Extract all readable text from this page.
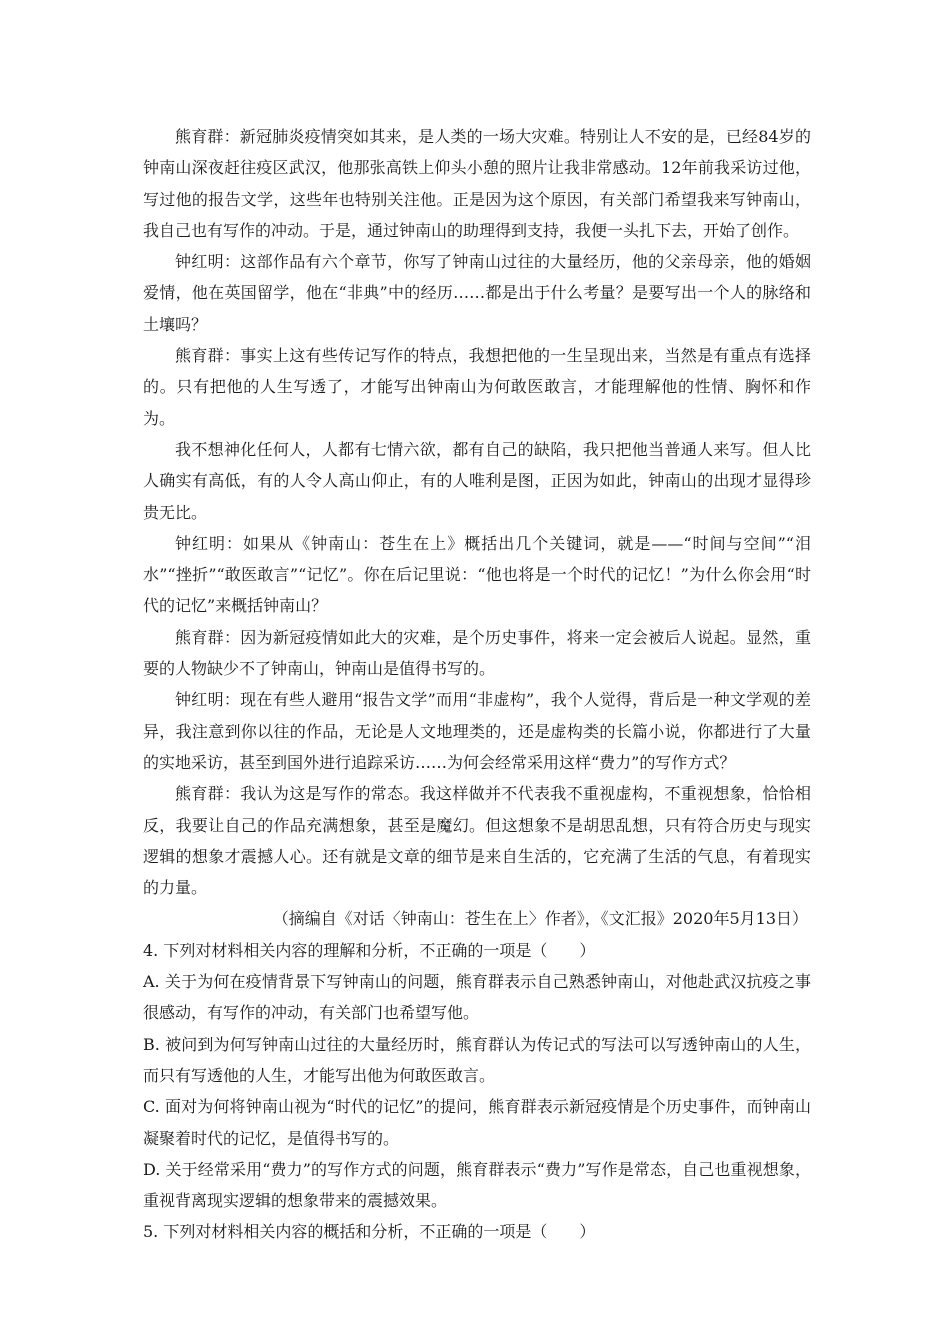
熊育群：新冠肺炎疫情突如其来，是人类的一场大灾难。特别让人不安的是，已经84岁的钟南山深夜赶往疫区武汉，他那张高铁上仰头小憩的照片让我非常感动。12年前我采访过他，写过他的报告文学，这些年也特别关注他。正是因为这个原因，有关部门希望我来写钟南山，我自己也有写作的冲动。于是，通过钟南山的助理得到支持，我便一头扎下去，开始了创作。

钟红明：这部作品有六个章节，你写了钟南山过往的大量经历，他的父亲母亲，他的婚姻爱情，他在英国留学，他在“非典”中的经历……都是出于什么考量？是要写出一个人的脉络和土壤吗？

熊育群：事实上这有些传记写作的特点，我想把他的一生呈现出来，当然是有重点有选择的。只有把他的人生写透了，才能写出钟南山为何敢医敢言，才能理解他的性情、胸怀和作为。

我不想神化任何人，人都有七情六欲，都有自己的缺陷，我只把他当普通人来写。但人比人确实有高低，有的人令人高山仰止，有的人唯利是图，正因为如此，钟南山的出现才显得珍贵无比。

钟红明：如果从《钟南山：苍生在上》概括出几个关键词，就是——“时间与空间”“泪水”“挫折”“敢医敢言”“记忆”。你在后记里说：“他也将是一个时代的记忆！”为什么你会用“时代的记忆”来概括钟南山？

熊育群：因为新冠疫情如此大的灾难，是个历史事件，将来一定会被后人说起。显然，重要的人物缺少不了钟南山，钟南山是值得书写的。

钟红明：现在有些人避用“报告文学”而用“非虚构”，我个人觉得，背后是一种文学观的差异，我注意到你以往的作品，无论是人文地理类的，还是虚构类的长篇小说，你都进行了大量的实地采访，甚至到国外进行追踪采访……为何会经常采用这样“费力”的写作方式？

熊育群：我认为这是写作的常态。我这样做并不代表我不重视虚构，不重视想象，恰恰相反，我要让自己的作品充满想象，甚至是魔幻。但这想象不是胡思乱想，只有符合历史与现实逻辑的想象才震撼人心。还有就是文章的细节是来自生活的，它充满了生活的气息，有着现实的力量。

（摘编自《对话〈钟南山：苍生在上〉作者》，《文汇报》2020年5月13日）

4. 下列对材料相关内容的理解和分析，不正确的一项是（　　）

A. 关于为何在疫情背景下写钟南山的问题，熊育群表示自己熟悉钟南山，对他赴武汉抗疫之事很感动，有写作的冲动，有关部门也希望写他。

B. 被问到为何写钟南山过往的大量经历时，熊育群认为传记式的写法可以写透钟南山的人生，而只有写透他的人生，才能写出他为何敢医敢言。

C. 面对为何将钟南山视为“时代的记忆”的提问，熊育群表示新冠疫情是个历史事件，而钟南山凝聚着时代的记忆，是值得书写的。

D. 关于经常采用“费力”的写作方式的问题，熊育群表示“费力”写作是常态，自己也重视想象，重视背离现实逻辑的想象带来的震撼效果。

5. 下列对材料相关内容的概括和分析，不正确的一项是（　　）
